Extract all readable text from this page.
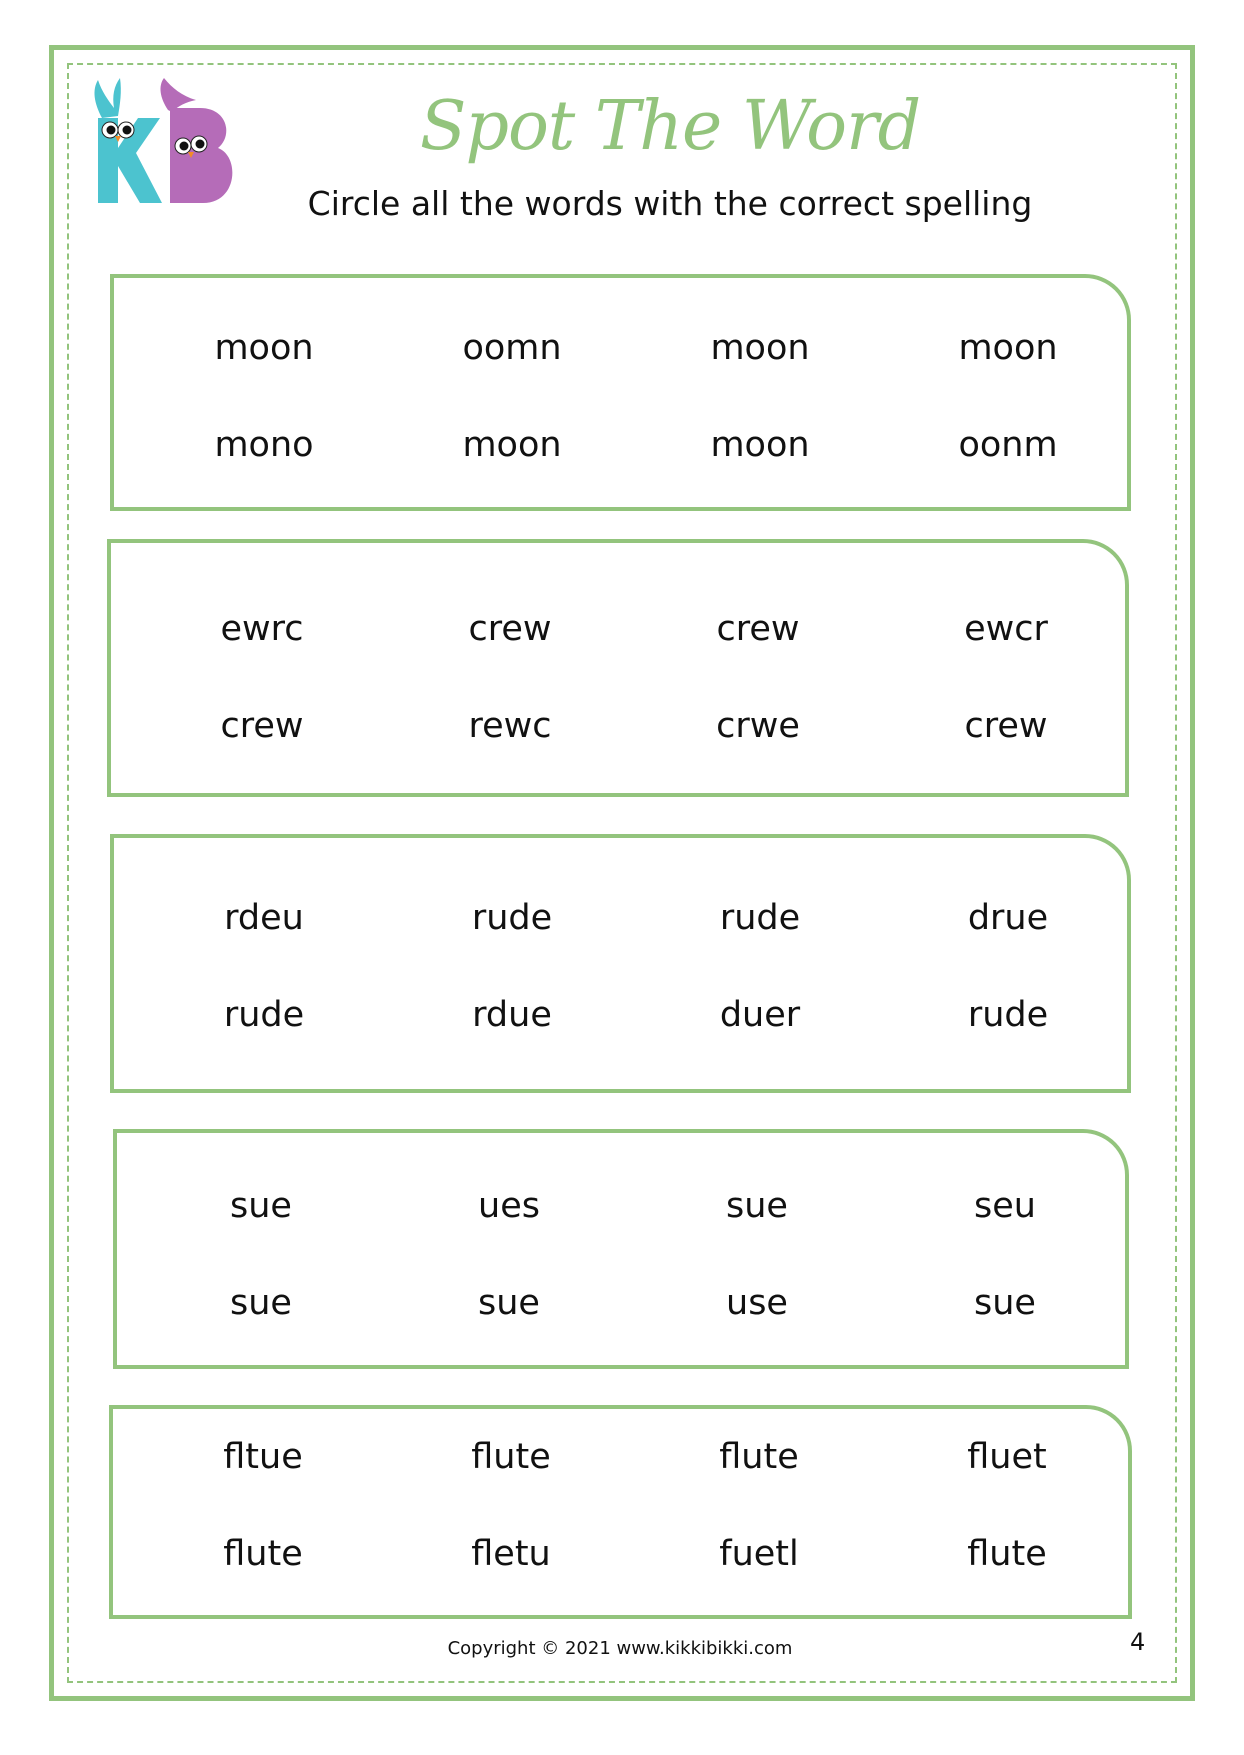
Spot The Word
Circle all the words with the correct spelling
moon	oomn	moon	moon
mono	moon	moon	oonm
ewrc	crew	crew	ewcr
crew	rewc	crwe	crew
rdeu	rude	rude	drue
rude	rdue	duer	rude
sue	ues	sue	seu
sue	sue	use	sue
fltue	flute	flute	fluet
flute	fletu	fuetl	flute
Copyright © 2021 www.kikkibikki.com	4
